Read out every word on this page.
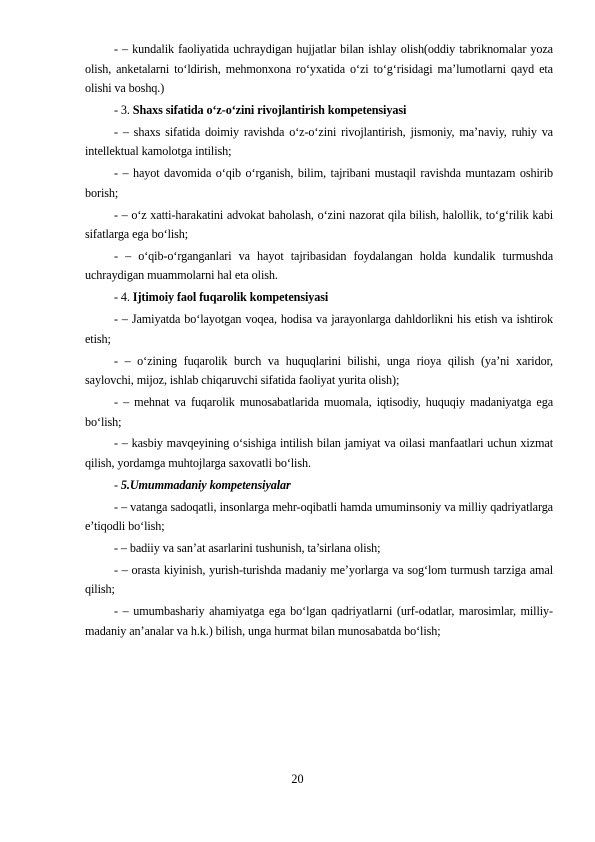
- – kundalik faoliyatida uchraydigan hujjatlar bilan ishlay olish(oddiy tabriknomalar yoza olish, anketalarni to‘ldirish, mehmonxona ro‘yxatida o‘zi to‘g‘risidagi ma’lumotlarni qayd eta olishi va boshq.)

- 3. Shaxs sifatida o‘z-o‘zini rivojlantirish kompetensiyasi

- – shaxs sifatida doimiy ravishda o‘z-o‘zini rivojlantirish, jismoniy, ma’naviy, ruhiy va intellektual kamolotga intilish;

- – hayot davomida o‘qib o‘rganish, bilim, tajribani mustaqil ravishda muntazam oshirib borish;

- – o‘z xatti-harakatini advokat baholash, o‘zini nazorat qila bilish, halollik, to‘g‘rilik kabi sifatlarga ega bo‘lish;

- – o‘qib-o‘rganganlari va hayot tajribasidan foydalangan holda kundalik turmushda uchraydigan muammolarni hal eta olish.

- 4. Ijtimoiy faol fuqarolik kompetensiyasi

- – Jamiyatda bo‘layotgan voqea, hodisa va jarayonlarga dahldorlikni his etish va ishtirok etish;

- – o‘zining fuqarolik burch va huquqlarini bilishi, unga rioya qilish (ya’ni xaridor, saylovchi, mijoz, ishlab chiqaruvchi sifatida faoliyat yurita olish);

- – mehnat va fuqarolik munosabatlarida muomala, iqtisodiy, huquqiy madaniyatga ega bo‘lish;

- – kasbiy mavqeyining o‘sishiga intilish bilan jamiyat va oilasi manfaatlari uchun xizmat qilish, yordamga muhtojlarga saxovatli bo‘lish.

- 5.Umummadaniy kompetensiyalar

- – vatanga sadoqatli, insonlarga mehr-oqibatli hamda umuminsoniy va milliy qadriyatlarga e’tiqodli bo‘lish;

- – badiiy va san’at asarlarini tushunish, ta’sirlana olish;

- – orasta kiyinish, yurish-turishda madaniy me’yorlarga va sog‘lom turmush tarziga amal qilish;

- – umumbashariy ahamiyatga ega bo‘lgan qadriyatlarni (urf-odatlar, marosimlar, milliy-madaniy an’analar va h.k.) bilish, unga hurmat bilan munosabatda bo‘lish;

20
